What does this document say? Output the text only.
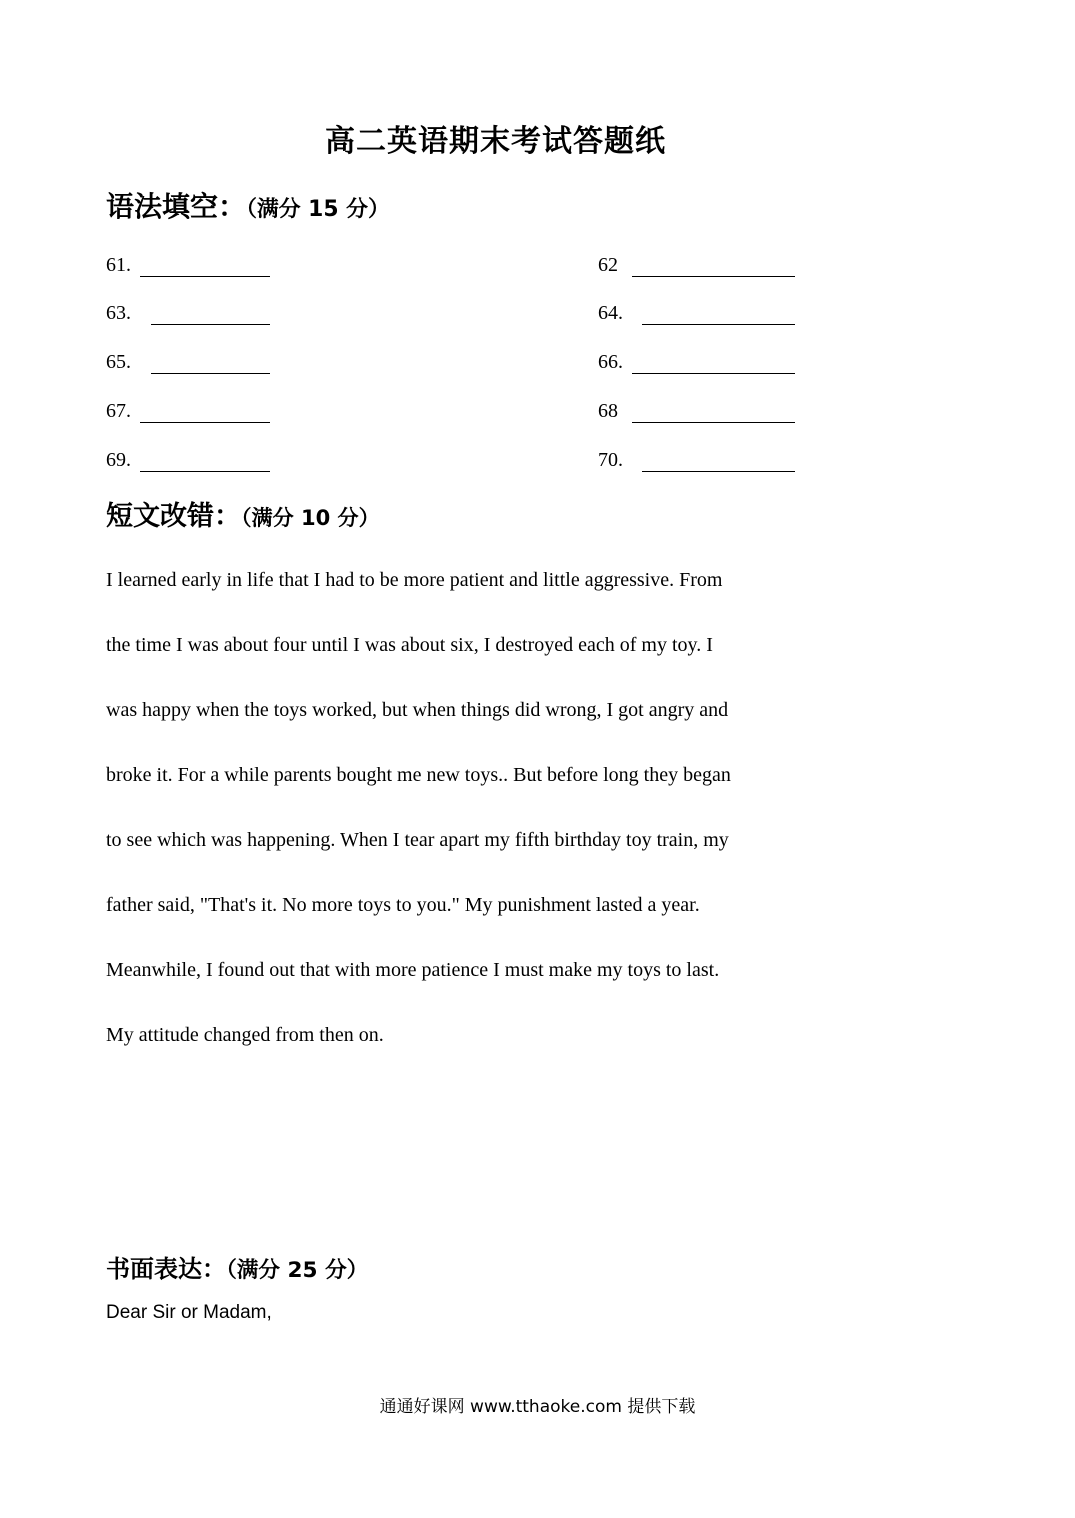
高二英语期末考试答题纸
语法填空：（满分 15 分）
61.	62
63.	64.
65.	66.
67.	68
69.	70.
短文改错：（满分 10 分）
I learned early in life that I had to be more patient and little aggressive. From
the time I was about four until I was about six, I destroyed each of my toy. I
was happy when the toys worked, but when things did wrong, I got angry and
broke it. For a while parents bought me new toys.. But before long they began
to see which was happening. When I tear apart my fifth birthday toy train, my
father said, "That's it. No more toys to you." My punishment lasted a year.
Meanwhile, I found out that with more patience I must make my toys to last.
My attitude changed from then on.
书面表达：（满分 25 分）
Dear Sir or Madam,
通通好课网 www.tthaoke.com 提供下载
